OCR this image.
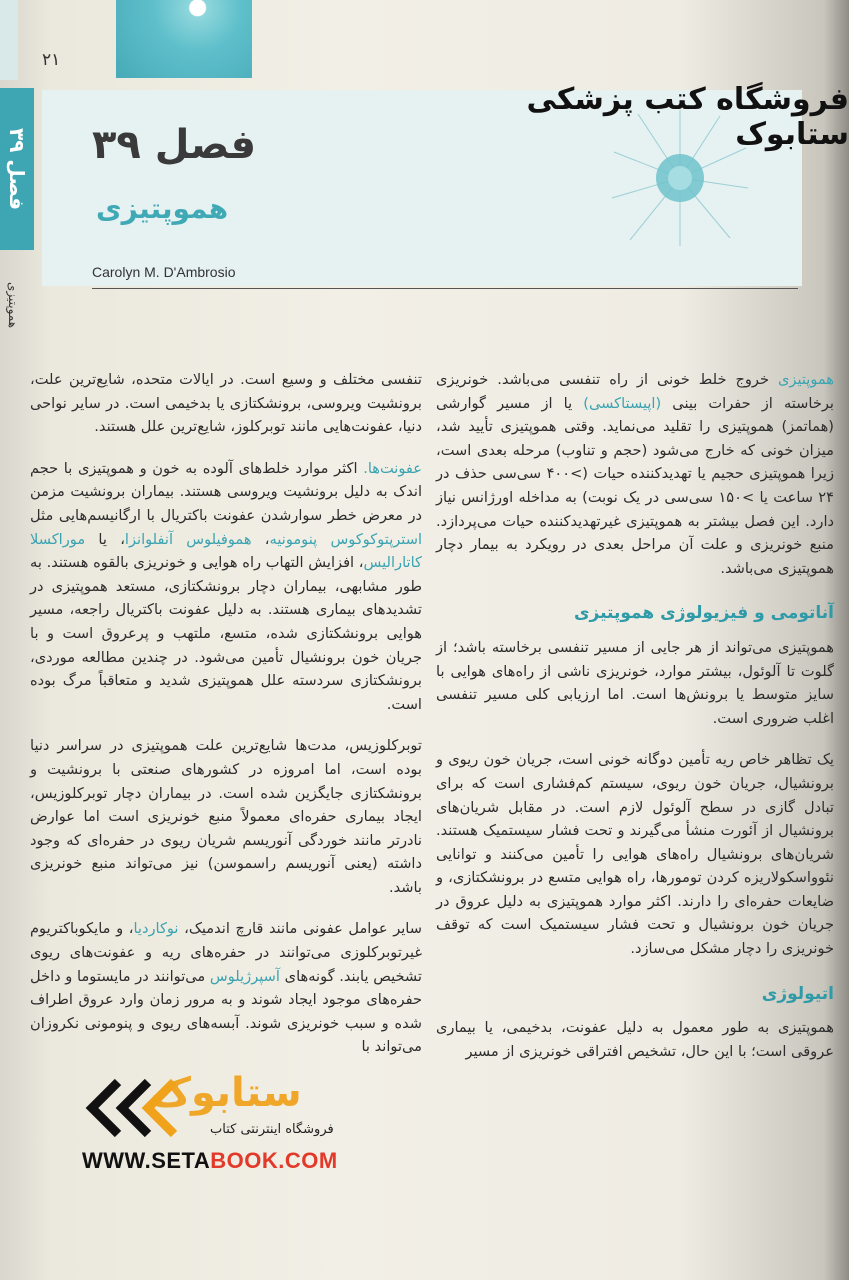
۲۱
فصل ۳۹
هموپتیزی
فروشگاه کتب پزشکی ستابوک
فصل ۳۹
هموپتیزی
Carolyn M. D'Ambrosio

هموپتیزی خروج خلط خونی از راه تنفسی می‌باشد. خونریزی برخاسته از حفرات بینی (اپیستاکسی) یا از مسیر گوارشی (هماتمز) هموپتیزی را تقلید می‌نماید. وقتی هموپتیزی تأیید شد، میزان خونی که خارج می‌شود (حجم و تناوب) مرحله بعدی است، زیرا هموپتیزی حجیم یا تهدیدکننده حیات (>۴۰۰ سی‌سی حذف در ۲۴ ساعت یا >۱۵۰ سی‌سی در یک نوبت) به مداخله اورژانس نیاز دارد. این فصل بیشتر به هموپتیزی غیرتهدیدکننده حیات می‌پردازد. منبع خونریزی و علت آن مراحل بعدی در رویکرد به بیمار دچار هموپتیزی می‌باشد.

آناتومی و فیزیولوژی هموپتیزی

هموپتیزی می‌تواند از هر جایی از مسیر تنفسی برخاسته باشد؛ از گلوت تا آلوئول، بیشتر موارد، خونریزی ناشی از راه‌های هوایی با سایز متوسط یا برونش‌ها است. اما ارزیابی کلی مسیر تنفسی اغلب ضروری است.

یک تظاهر خاص ریه تأمین دوگانه خونی است، جریان خون ریوی و برونشیال، جریان خون ریوی، سیستم کم‌فشاری است که برای تبادل گازی در سطح آلوئول لازم است. در مقابل شریان‌های برونشیال از آئورت منشأ می‌گیرند و تحت فشار سیستمیک هستند. شریان‌های برونشیال راه‌های هوایی را تأمین می‌کنند و توانایی نئوواسکولاریزه کردن تومورها، راه هوایی متسع در برونشکتازی، و ضایعات حفره‌ای را دارند. اکثر موارد هموپتیزی به دلیل عروق در جریان خون برونشیال و تحت فشار سیستمیک است که توقف خونریزی را دچار مشکل می‌سازد.

اتیولوژی

هموپتیزی به طور معمول به دلیل عفونت، بدخیمی، یا بیماری عروقی است؛ با این حال، تشخیص افتراقی خونریزی از مسیر

تنفسی مختلف و وسیع است. در ایالات متحده، شایع‌ترین علت، برونشیت ویروسی، برونشکتازی یا بدخیمی است. در سایر نواحی دنیا، عفونت‌هایی مانند توبرکلوز، شایع‌ترین علل هستند.

عفونت‌ها. اکثر موارد خلط‌های آلوده به خون و هموپتیزی با حجم اندک به دلیل برونشیت ویروسی هستند. بیماران برونشیت مزمن در معرض خطر سوارشدن عفونت باکتریال با ارگانیسم‌هایی مثل استرپتوکوکوس پنومونیه، هموفیلوس آنفلوانزا، یا موراکسلا کاتارالیس، افزایش التهاب راه هوایی و خونریزی بالقوه هستند. به طور مشابهی، بیماران دچار برونشکتازی، مستعد هموپتیزی در تشدیدهای بیماری هستند. به دلیل عفونت باکتریال راجعه، مسیر هوایی برونشکتازی شده، متسع، ملتهب و پرعروق است و با جریان خون برونشیال تأمین می‌شود. در چندین مطالعه موردی، برونشکتازی سردسته علل هموپتیزی شدید و متعاقباً مرگ بوده است.

توبرکلوزیس، مدت‌ها شایع‌ترین علت هموپتیزی در سراسر دنیا بوده است، اما امروزه در کشورهای صنعتی با برونشیت و برونشکتازی جایگزین شده است. در بیماران دچار توبرکلوزیس، ایجاد بیماری حفره‌ای معمولاً منبع خونریزی است اما عوارض نادرتر مانند خوردگی آنوریسم شریان ریوی در حفره‌ای که وجود داشته (یعنی آنوریسم راسموسن) نیز می‌تواند منبع خونریزی باشد.

سایر عوامل عفونی مانند قارچ اندمیک، نوکاردیا، و مایکوباکتریوم غیرتوبرکلوزی می‌توانند در حفره‌های ریه و عفونت‌های ریوی تشخیص یابند. گونه‌های آسپرژیلوس می‌توانند در مایستوما و داخل حفره‌های موجود ایجاد شوند و به مرور زمان وارد عروق اطراف شده و سبب خونریزی شوند. آبسه‌های ریوی و پنومونی نکروزان می‌تواند با

ستابوک
فروشگاه اینترنتی کتاب
WWW.SETABOOK.COM
